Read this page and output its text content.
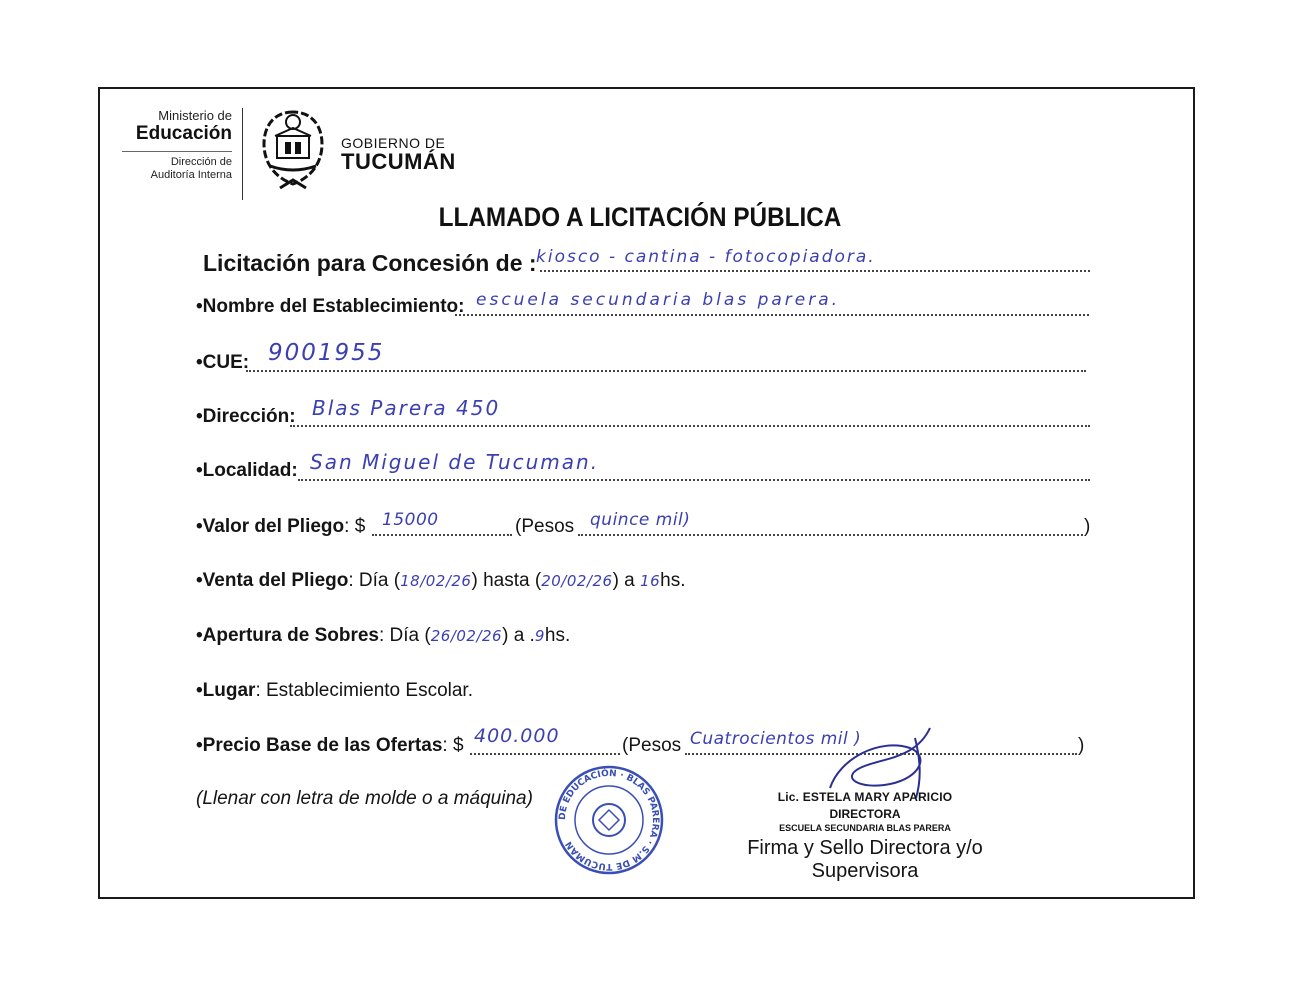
Ministerio de
Educación
Dirección de
Auditoría Interna
GOBIERNO DE
TUCUMÁN
LLAMADO A LICITACIÓN PÚBLICA
Licitación para Concesión de : kiosco - cantina - fotocopiadora.
•Nombre del Establecimiento: escuela secundaria blas parera.
•CUE: 9001955
•Dirección: Blas Parera 450
•Localidad: San Miguel de Tucuman.
•Valor del Pliego: $ 15000	(Pesos quince mil)	)
•Venta del Pliego: Día (18/02/26) hasta (20/02/26) a 16hs.
•Apertura de Sobres: Día (26/02/26) a .9hs.
•Lugar: Establecimiento Escolar.
•Precio Base de las Ofertas: $ 400.000	(Pesos Cuatrocientos mil )	)
(Llenar con letra de molde o a máquina)
DE EDUCACIÓN · BLAS PARERA · S.M DE TUCUMAN
Lic. ESTELA MARY APARICIO
DIRECTORA
ESCUELA SECUNDARIA BLAS PARERA
Firma y Sello Directora y/o Supervisora
